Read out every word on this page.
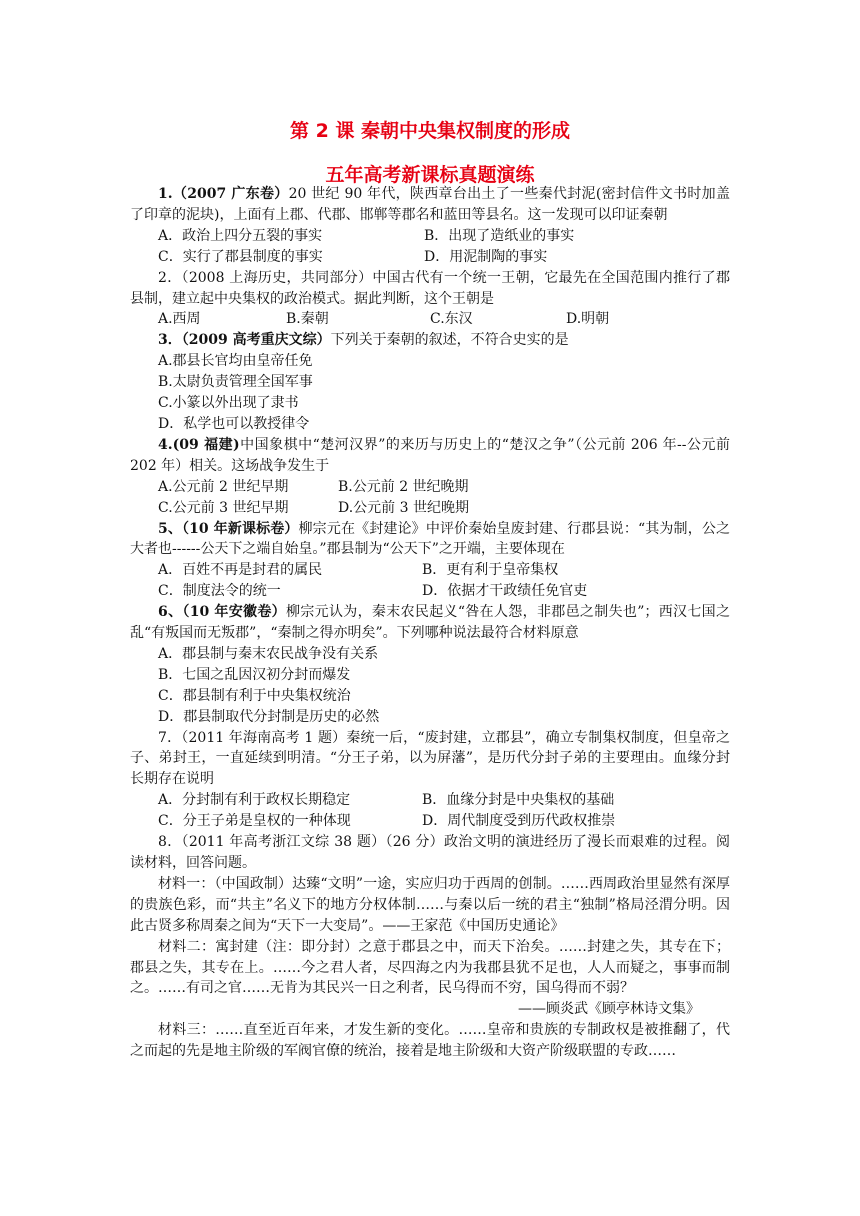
第 2 课 秦朝中央集权制度的形成
五年高考新课标真题演练

1.（2007 广东卷）20 世纪 90 年代，陕西章台出土了一些秦代封泥(密封信件文书时加盖了印章的泥块)，上面有上郡、代郡、邯郸等郡名和蓝田等县名。这一发现可以印证秦朝

A．政治上四分五裂的事实	B．出现了造纸业的事实
C．实行了郡县制度的事实	D．用泥制陶的事实

2．（2008 上海历史，共同部分）中国古代有一个统一王朝，它最先在全国范围内推行了郡县制，建立起中央集权的政治模式。据此判断，这个王朝是

A.西周	B.秦朝	C.东汉	D.明朝

3．（2009 高考重庆文综）下列关于秦朝的叙述，不符合史实的是

A.郡县长官均由皇帝任免

B.太尉负责管理全国军事

C.小篆以外出现了隶书

D．私学也可以教授律令

4.(09 福建)中国象棋中“楚河汉界”的来历与历史上的“楚汉之争”（公元前 206 年--公元前 202 年）相关。这场战争发生于

A.公元前 2 世纪早期	B.公元前 2 世纪晚期
C.公元前 3 世纪早期	D.公元前 3 世纪晚期

5、（10 年新课标卷）柳宗元在《封建论》中评价秦始皇废封建、行郡县说：“其为制，公之大者也------公天下之端自始皇。”郡县制为“公天下”之开端，主要体现在

A．百姓不再是封君的属民	B．更有利于皇帝集权
C．制度法令的统一	D．依据才干政绩任免官吏

6、（10 年安徽卷）柳宗元认为，秦末农民起义“咎在人怨，非郡邑之制失也”；西汉七国之乱“有叛国而无叛郡”，“秦制之得亦明矣”。下列哪种说法最符合材料原意

A．郡县制与秦末农民战争没有关系

B．七国之乱因汉初分封而爆发

C．郡县制有利于中央集权统治

D．郡县制取代分封制是历史的必然

7．（2011 年海南高考 1 题）秦统一后，“废封建，立郡县”，确立专制集权制度，但皇帝之子、弟封王，一直延续到明清。“分王子弟，以为屏藩”，是历代分封子弟的主要理由。血缘分封长期存在说明

A．分封制有利于政权长期稳定	B．血缘分封是中央集权的基础
C．分王子弟是皇权的一种体现	D．周代制度受到历代政权推崇

8．（2011 年高考浙江文综 38 题）（26 分）政治文明的演进经历了漫长而艰难的过程。阅读材料，回答问题。

材料一：（中国政制）达臻“文明”一途，实应归功于西周的创制。……西周政治里显然有深厚的贵族色彩，而“共主”名义下的地方分权体制……与秦以后一统的君主“独制”格局泾渭分明。因此古贤多称周秦之间为“天下一大变局”。——王家范《中国历史通论》

材料二：寓封建（注：即分封）之意于郡县之中，而天下治矣。……封建之失，其专在下；郡县之失，其专在上。……今之君人者，尽四海之内为我郡县犹不足也，人人而疑之，事事而制之。……有司之官……无肯为其民兴一日之利者，民乌得而不穷，国乌得而不弱？

——顾炎武《顾亭林诗文集》

材料三：……直至近百年来，才发生新的变化。……皇帝和贵族的专制政权是被推翻了，代之而起的先是地主阶级的军阀官僚的统治，接着是地主阶级和大资产阶级联盟的专政……
